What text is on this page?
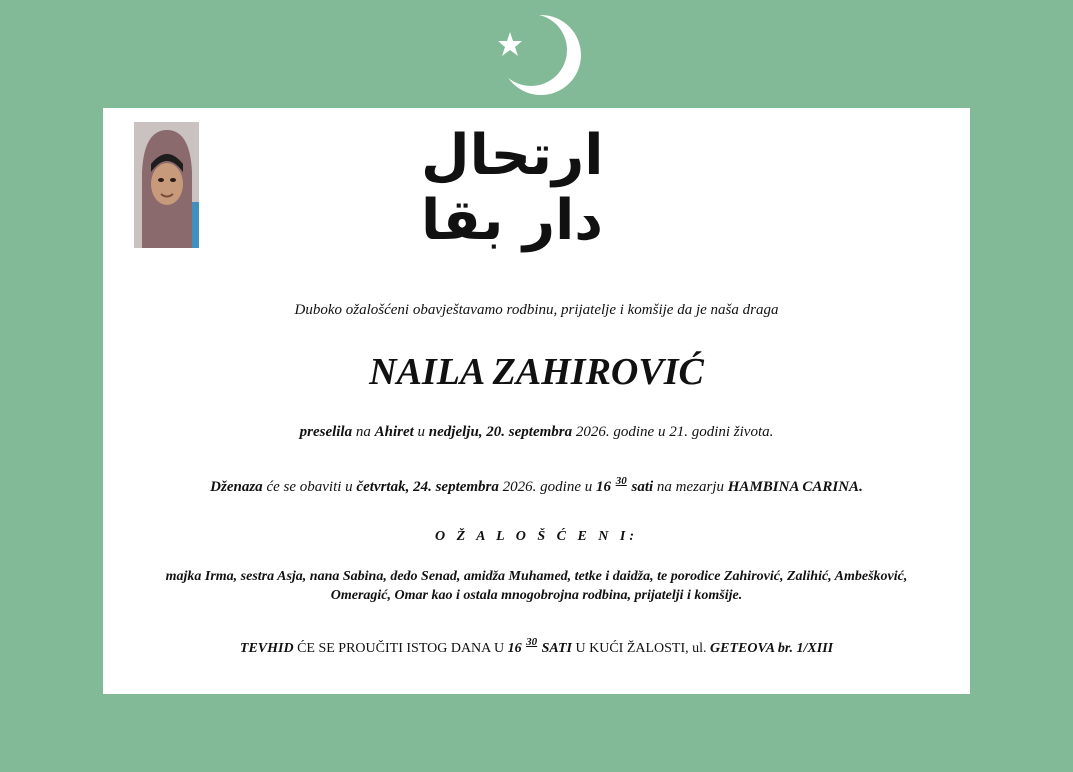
ارتحال دار بقا
Duboko ožalošćeni obavještavamo rodbinu, prijatelje i komšije da je naša draga
NAILA ZAHIROVIĆ
preselila na Ahiret u nedjelju, 20. septembra 2026. godine u 21. godini života.
Dženaza će se obaviti u četvrtak, 24. septembra 2026. godine u 16 30 sati na mezarju HAMBINA CARINA.
O Ž A L O Š Ć E N I:
majka Irma, sestra Asja, nana Sabina, dedo Senad, amidža Muhamed, tetke i daidža, te porodice Zahirović, Zalihić, Ambešković, Omeragić, Omar kao i ostala mnogobrojna rodbina, prijatelji i komšije.
TEVHID ĆE SE PROUČITI ISTOG DANA U 16 30 SATI U KUĆI ŽALOSTI, ul. GETEOVA br. 1/XIII
